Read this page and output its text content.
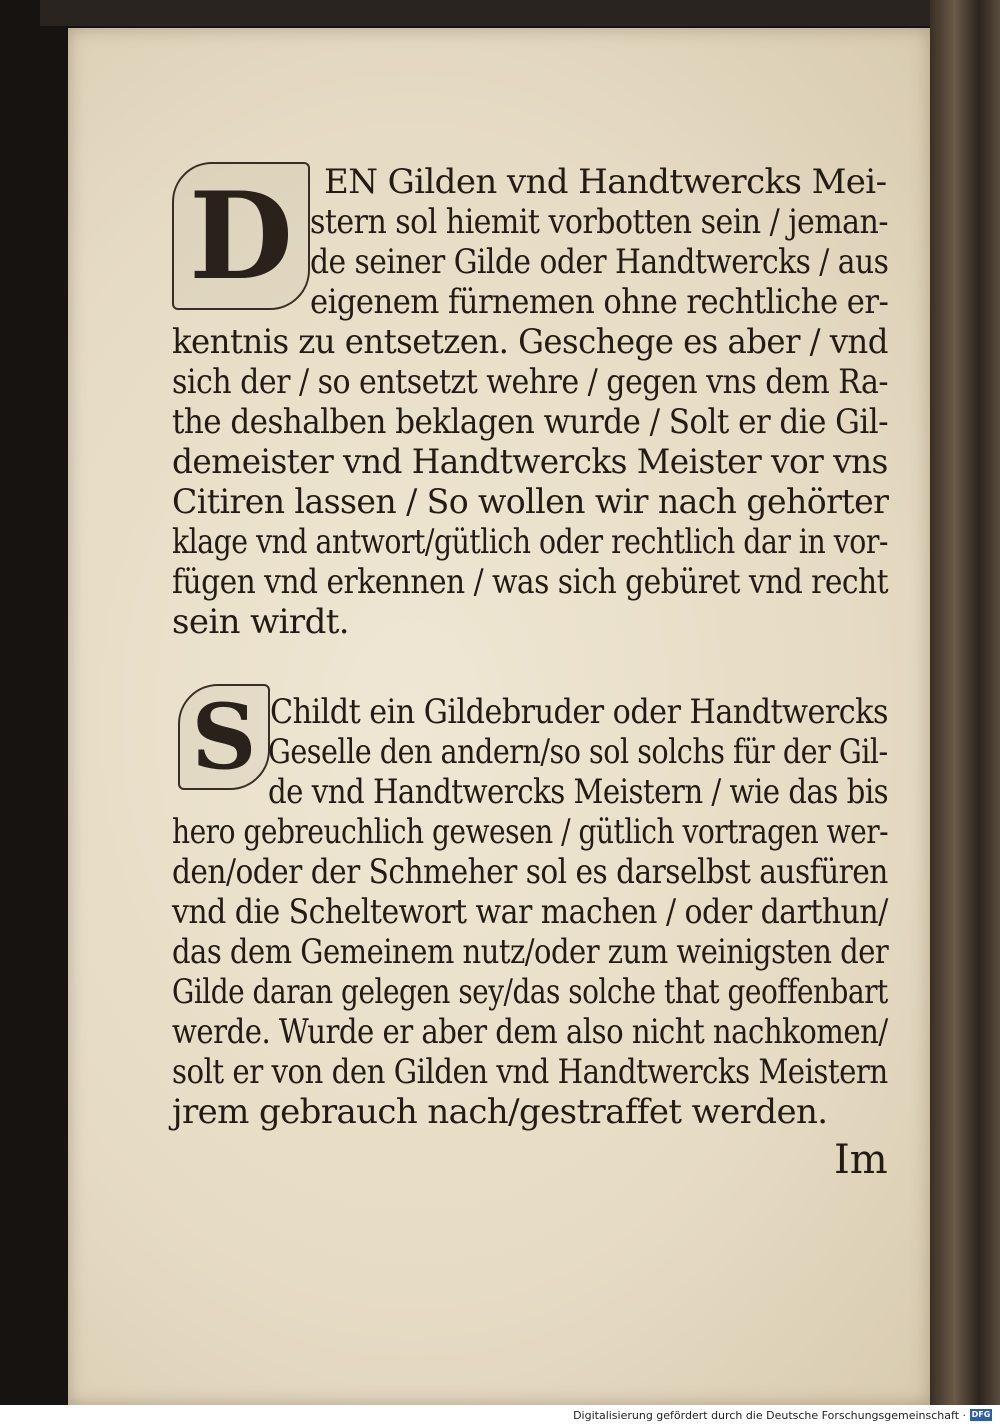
D EN Gilden vnd Handtwercks Mei-
stern sol hiemit vorbotten sein / jeman-
de seiner Gilde oder Handtwercks / aus
eigenem fürnemen ohne rechtliche er-
kentnis zu entsetzen. Geschege es aber / vnd
sich der / so entsetzt wehre / gegen vns dem Ra-
the deshalben beklagen wurde / Solt er die Gil-
demeister vnd Handtwercks Meister vor vns
Citiren lassen / So wollen wir nach gehörter
klage vnd antwort/gütlich oder rechtlich dar in vor-
fügen vnd erkennen / was sich gebüret vnd recht
sein wirdt.
S Childt ein Gildebruder oder Handtwercks
Geselle den andern/so sol solchs für der Gil-
de vnd Handtwercks Meistern / wie das bis
hero gebreuchlich gewesen / gütlich vortragen wer-
den/oder der Schmeher sol es darselbst ausfüren
vnd die Scheltewort war machen / oder darthun/
das dem Gemeinem nutz/oder zum weinigsten der
Gilde daran gelegen sey/das solche that geoffenbart
werde. Wurde er aber dem also nicht nachkomen/
solt er von den Gilden vnd Handtwercks Meistern
jrem gebrauch nach/gestraffet werden.
Im
Digitalisierung gefördert durch die Deutsche Forschungsgemeinschaft · DFG
